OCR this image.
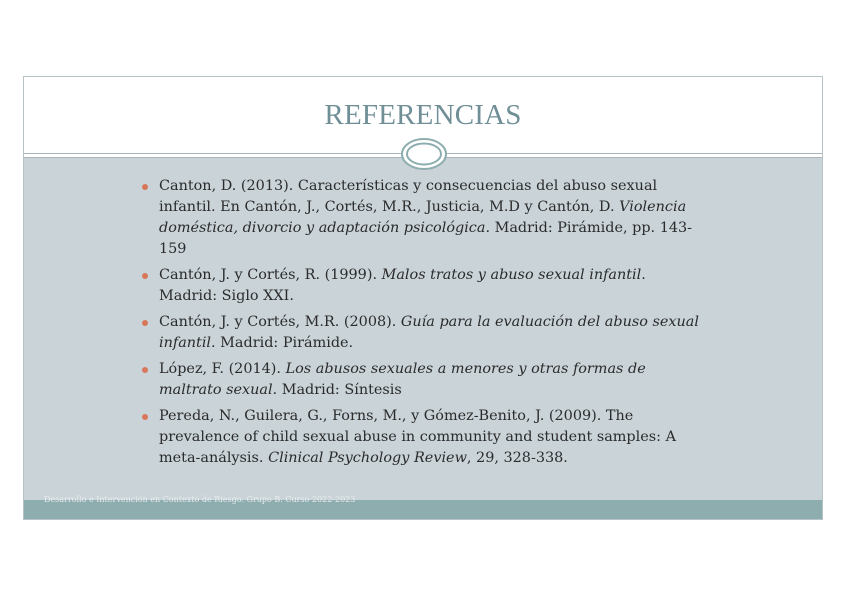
REFERENCIAS
Desarrollo e Intervención en Contexto de Riesgo. Grupo B. Curso 2022-2023
Canton, D. (2013). Características y consecuencias del abuso sexual infantil. En Cantón, J., Cortés, M.R., Justicia, M.D y Cantón, D. Violencia doméstica, divorcio y adaptación psicológica. Madrid: Pirámide, pp. 143-159
Cantón, J. y Cortés, R. (1999). Malos tratos y abuso sexual infantil. Madrid: Siglo XXI.
Cantón, J. y Cortés, M.R. (2008). Guía para la evaluación del abuso sexual infantil. Madrid: Pirámide.
López, F. (2014). Los abusos sexuales a menores y otras formas de maltrato sexual. Madrid: Síntesis
Pereda, N., Guilera, G., Forns, M., y Gómez-Benito, J. (2009). The prevalence of child sexual abuse in community and student samples: A meta-análysis. Clinical Psychology Review, 29, 328-338.
